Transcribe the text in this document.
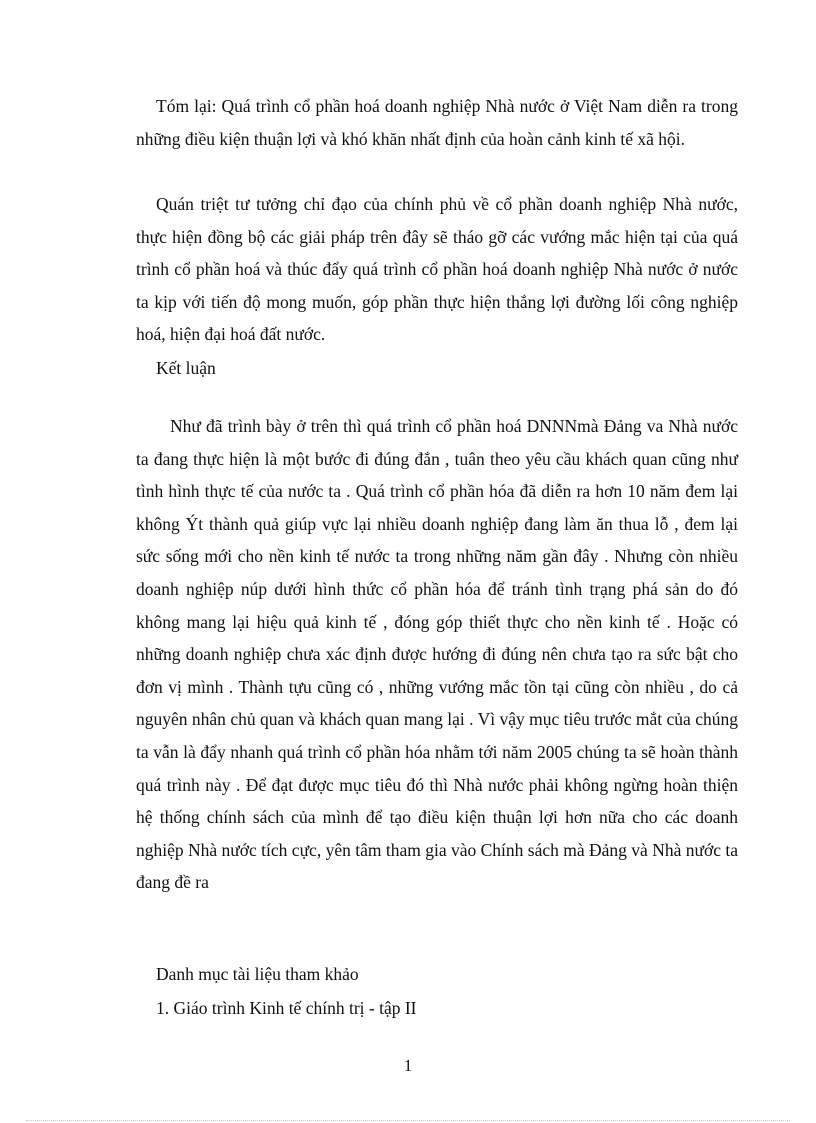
Tóm lại: Quá trình cổ phần hoá doanh nghiệp Nhà nước ở Việt Nam diễn ra trong những điều kiện thuận lợi và khó khăn nhất định của hoàn cảnh kinh tế xã hội.

Quán triệt tư tưởng chỉ đạo của chính phủ về cổ phần doanh nghiệp Nhà nước, thực hiện đồng bộ các giải pháp trên đây sẽ tháo gỡ các vướng mắc hiện tại của quá trình cổ phần hoá và thúc đẩy quá trình cổ phần hoá doanh nghiệp Nhà nước ở nước ta kịp với tiến độ mong muốn, góp phần thực hiện thắng lợi đường lối công nghiệp hoá, hiện đại hoá đất nước.

Kết luận

Như đã trình bày ở trên thì quá trình cổ phần hoá DNNNmà Đảng va Nhà nước ta đang thực hiện là một bước đi đúng đắn , tuân theo yêu cầu khách quan cũng như tình hình thực tế của nước ta . Quá trình cổ phần hóa đã diễn ra hơn 10 năm đem lại không Ýt thành quả giúp vực lại nhiều doanh nghiệp đang làm ăn thua lỗ , đem lại sức sống mới cho nền kinh tế nước ta trong những năm gần đây . Nhưng còn nhiều doanh nghiệp núp dưới hình thức cổ phần hóa để tránh tình trạng phá sản do đó không mang lại hiệu quả kinh tế , đóng góp thiết thực cho nền kinh tế . Hoặc có những doanh nghiệp chưa xác định được hướng đi đúng nên chưa tạo ra sức bật cho đơn vị mình . Thành tựu cũng có , những vướng mắc tồn tại cũng còn nhiều , do cả nguyên nhân chủ quan và khách quan mang lại . Vì vậy mục tiêu trước mắt của chúng ta vẫn là đẩy nhanh quá trình cổ phần hóa nhằm tới năm 2005 chúng ta sẽ hoàn thành quá trình này . Để đạt được mục tiêu đó thì Nhà nước phải không ngừng hoàn thiện hệ thống chính sách của mình để tạo điều kiện thuận lợi hơn nữa cho các doanh nghiệp Nhà nước tích cực, yên tâm tham gia vào Chính sách mà Đảng và Nhà nước ta đang đề ra

Danh mục tài liệu tham khảo

1. Giáo trình Kinh tế chính trị - tập II

1
